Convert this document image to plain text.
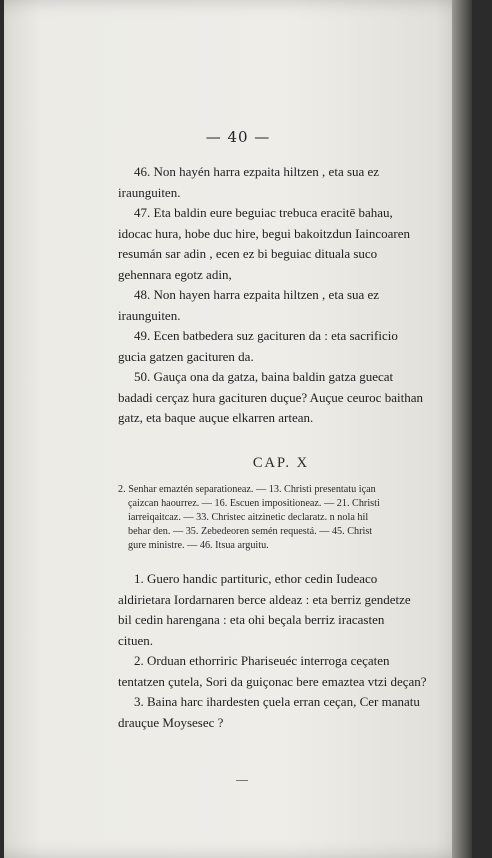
— 40 —
46. Non hayén harra ezpaita hiltzen , eta sua ez
iraunguiten.
47. Eta baldin eure beguiac trebuca eracitē bahau,
idocac hura, hobe duc hire, begui bakoitzdun Iaincoaren
resumán sar adin , ecen ez bi beguiac dituala suco
gehennara egotz adin,
48. Non hayen harra ezpaita hiltzen , eta sua ez
iraunguiten.
49. Ecen batbedera suz gacituren da : eta sacrificio
gucia gatzen gacituren da.
50. Gauça ona da gatza, baina baldin gatza guecat
badadi cerçaz hura gacituren duçue? Auçue ceuroc baithan
gatz, eta baque auçue elkarren artean.
CAP. X
2. Senhar emaztén separationeaz. — 13. Christi presentatu içan
çaizcan haourrez. — 16. Escuen impositioneaz. — 21. Christi
iarreiqaitcaz. — 33. Christec aitzinetic declaratz. n nola hil
behar den. — 35. Zebedeoren semén requestá. — 45. Christ
gure ministre. — 46. Itsua arguitu.
1. Guero handic partituric, ethor cedin Iudeaco
aldirietara Iordarnaren berce aldeaz : eta berriz gendetze
bil cedin harengana : eta ohi beçala berriz iracasten
cituen.
2. Orduan ethorriric Phariseuéc interroga ceçaten
tentatzen çutela, Sori da guiçonac bere emaztea vtzi deçan?
3. Baina harc ihardesten çuela erran ceçan, Cer manatu
drauçue Moysesec ?
